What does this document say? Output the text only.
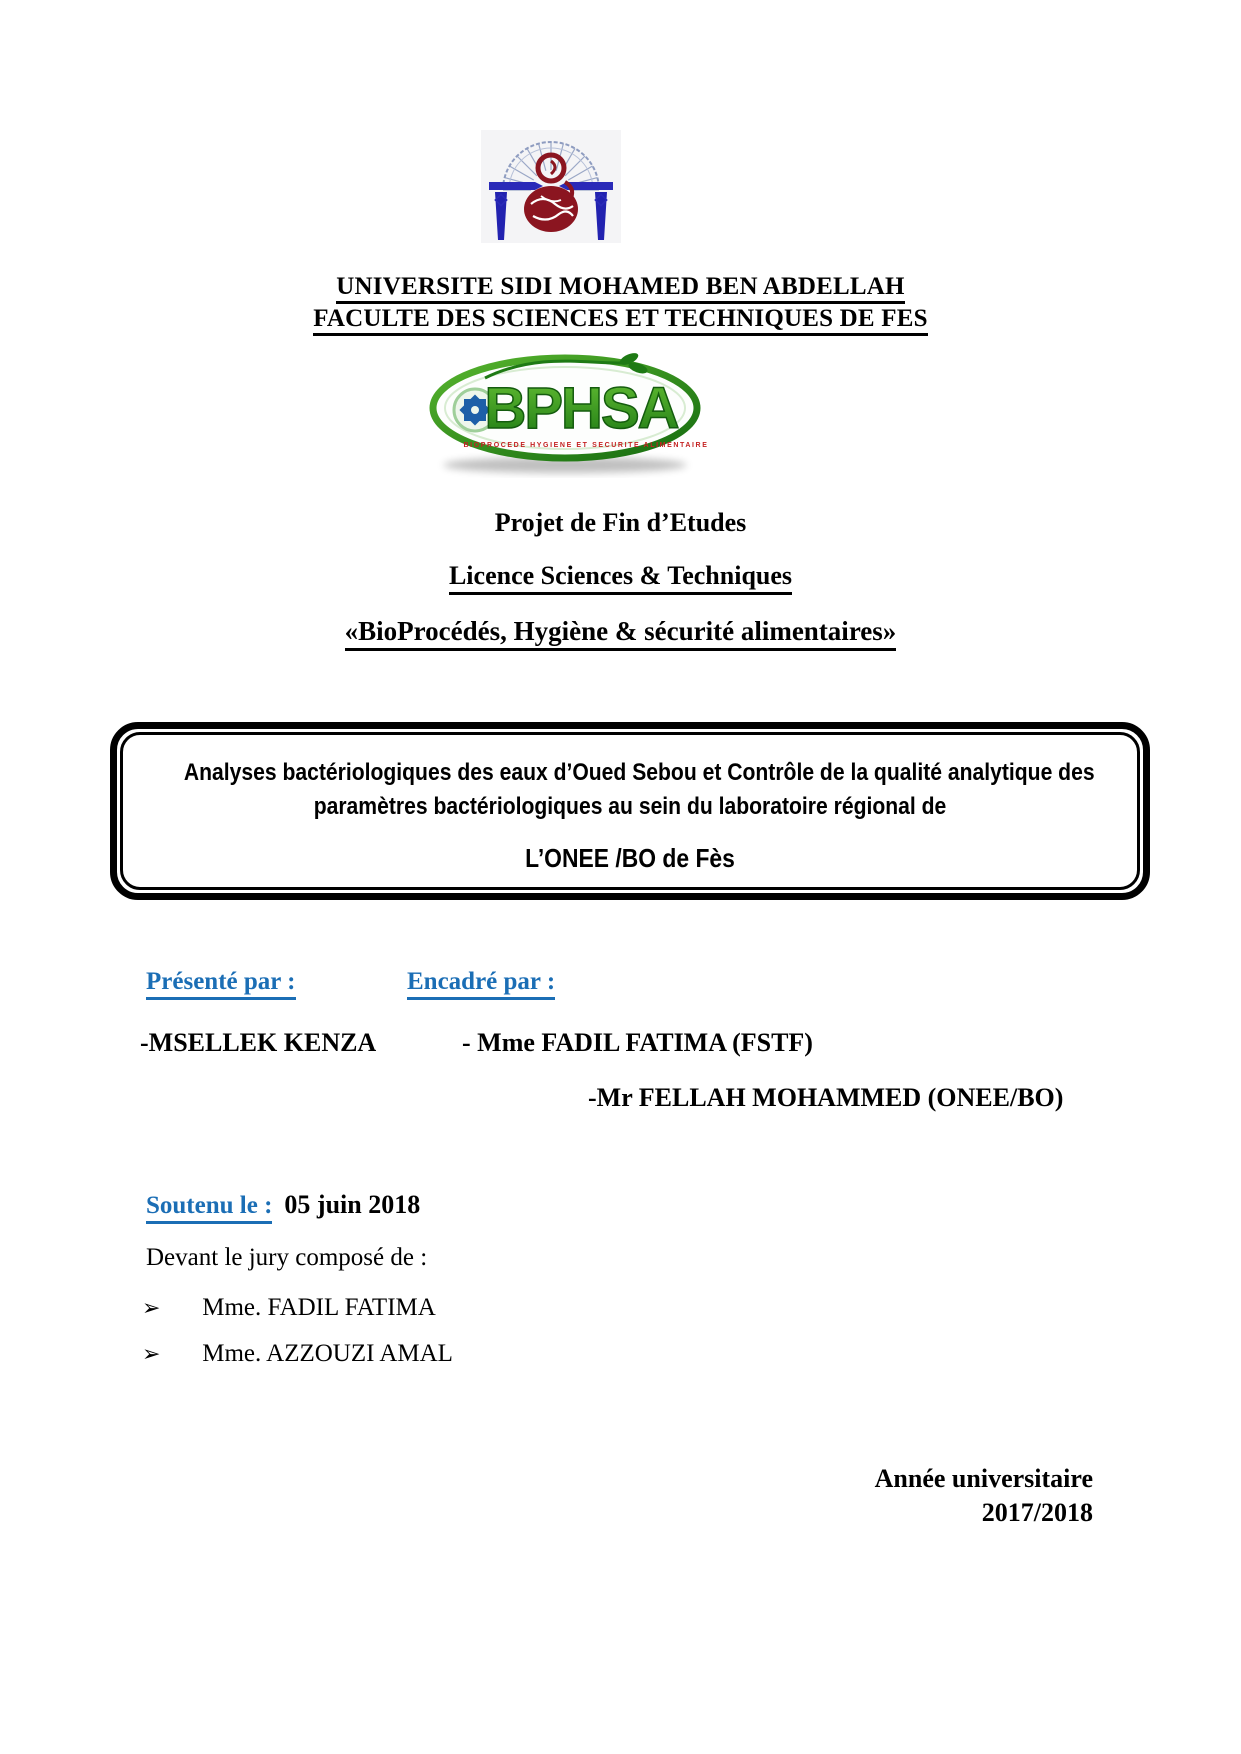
UNIVERSITE SIDI MOHAMED BEN ABDELLAH
FACULTE DES SCIENCES ET TECHNIQUES DE FES
BPHSA
BIOPROCEDE HYGIENE ET SECURITE ALIMENTAIRE
Projet de Fin d’Etudes
Licence Sciences & Techniques
«BioProcédés, Hygiène & sécurité alimentaires»
Analyses bactériologiques des eaux d’Oued Sebou et Contrôle de la qualité analytique des
paramètres bactériologiques au sein du laboratoire régional de
L’ONEE /BO de Fès
Présenté par :	Encadré par :
-MSELLEK KENZA	- Mme FADIL FATIMA (FSTF)
-Mr FELLAH MOHAMMED (ONEE/BO)
Soutenu le : 05 juin 2018
Devant le jury composé de :
➢ Mme. FADIL FATIMA
➢ Mme. AZZOUZI AMAL
Année universitaire
2017/2018
